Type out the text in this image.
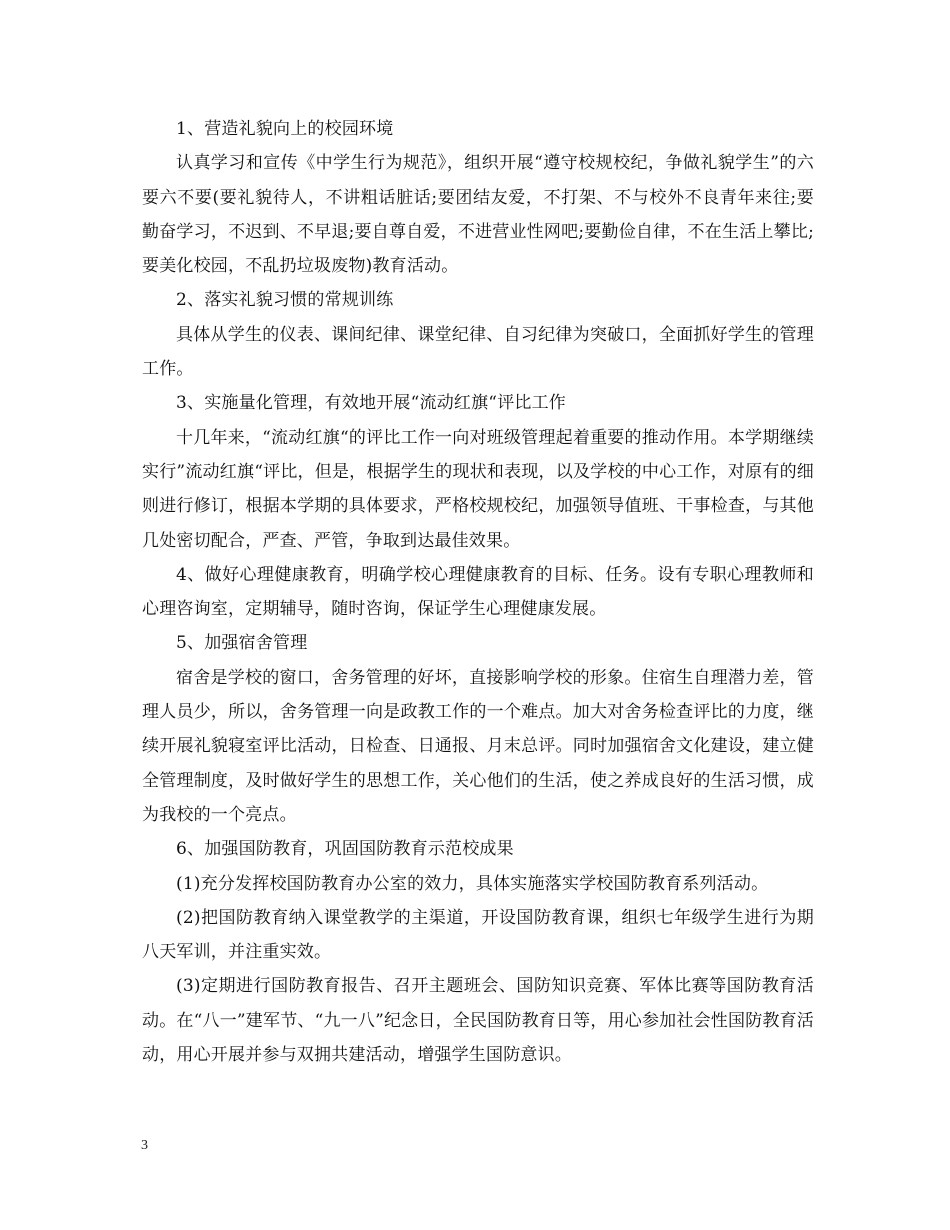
1、营造礼貌向上的校园环境

认真学习和宣传《中学生行为规范》，组织开展“遵守校规校纪，争做礼貌学生”的六要六不要(要礼貌待人，不讲粗话脏话;要团结友爱，不打架、不与校外不良青年来往;要勤奋学习，不迟到、不早退;要自尊自爱，不进营业性网吧;要勤俭自律，不在生活上攀比;要美化校园，不乱扔垃圾废物)教育活动。

2、落实礼貌习惯的常规训练

具体从学生的仪表、课间纪律、课堂纪律、自习纪律为突破口，全面抓好学生的管理工作。

3、实施量化管理，有效地开展“流动红旗“评比工作

十几年来，“流动红旗“的评比工作一向对班级管理起着重要的推动作用。本学期继续实行”流动红旗“评比，但是，根据学生的现状和表现，以及学校的中心工作，对原有的细则进行修订，根据本学期的具体要求，严格校规校纪，加强领导值班、干事检查，与其他几处密切配合，严查、严管，争取到达最佳效果。

4、做好心理健康教育，明确学校心理健康教育的目标、任务。设有专职心理教师和心理咨询室，定期辅导，随时咨询，保证学生心理健康发展。

5、加强宿舍管理

宿舍是学校的窗口，舍务管理的好坏，直接影响学校的形象。住宿生自理潜力差，管理人员少，所以，舍务管理一向是政教工作的一个难点。加大对舍务检查评比的力度，继续开展礼貌寝室评比活动，日检查、日通报、月末总评。同时加强宿舍文化建设，建立健全管理制度，及时做好学生的思想工作，关心他们的生活，使之养成良好的生活习惯，成为我校的一个亮点。

6、加强国防教育，巩固国防教育示范校成果

(1)充分发挥校国防教育办公室的效力，具体实施落实学校国防教育系列活动。

(2)把国防教育纳入课堂教学的主渠道，开设国防教育课，组织七年级学生进行为期八天军训，并注重实效。

(3)定期进行国防教育报告、召开主题班会、国防知识竞赛、军体比赛等国防教育活动。在“八一”建军节、“九一八”纪念日，全民国防教育日等，用心参加社会性国防教育活动，用心开展并参与双拥共建活动，增强学生国防意识。

3
